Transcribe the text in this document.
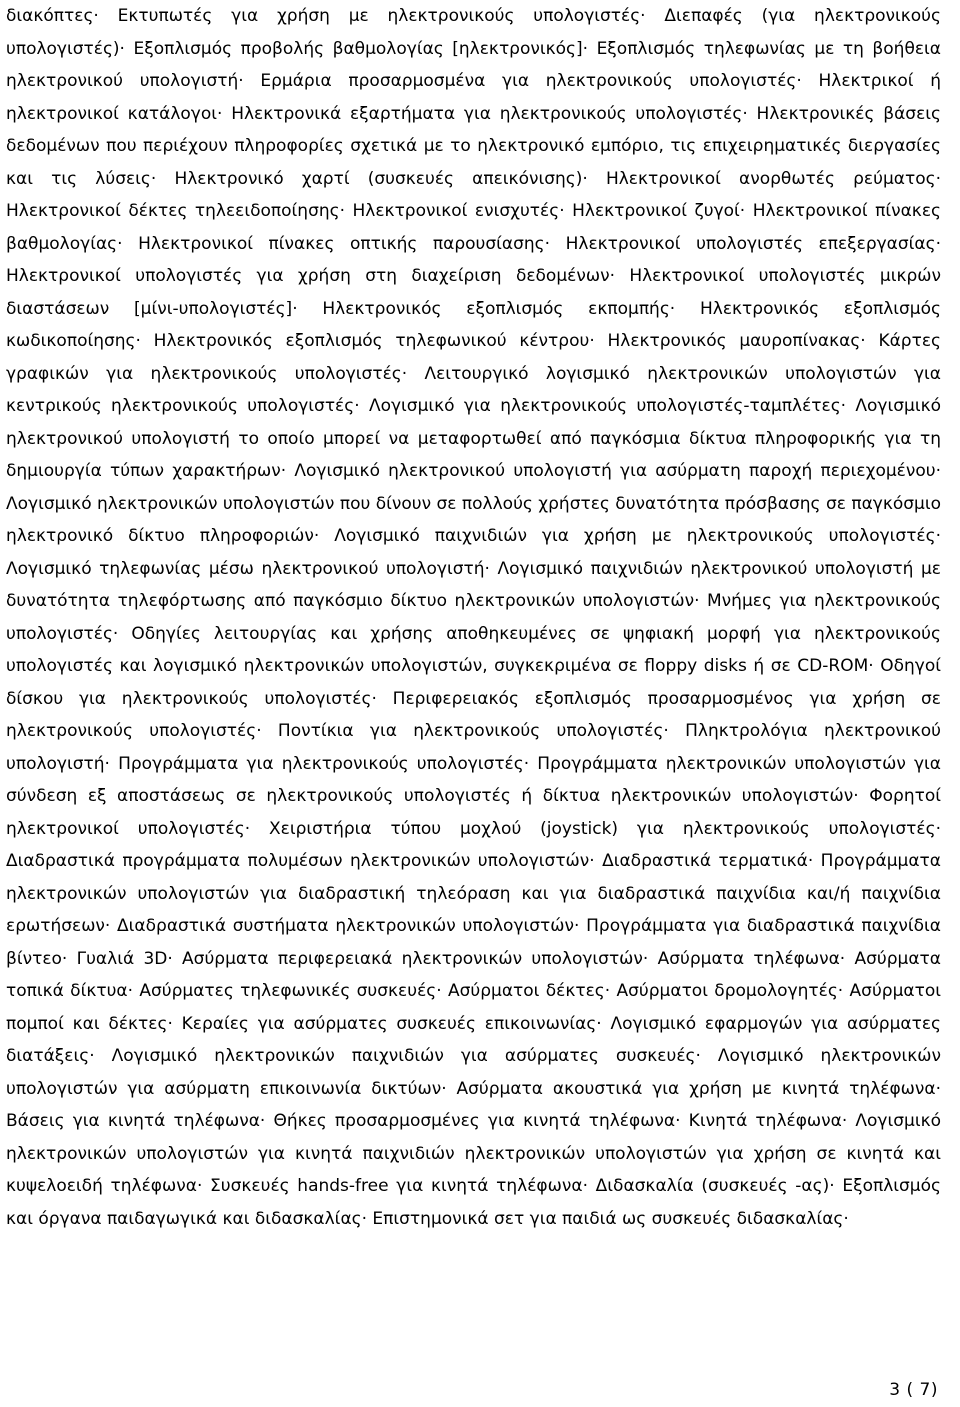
διακόπτες· Εκτυπωτές για χρήση με ηλεκτρονικούς υπολογιστές· Διεπαφές (για ηλεκτρονικούς υπολογιστές)· Εξοπλισμός προβολής βαθμολογίας [ηλεκτρονικός]· Εξοπλισμός τηλεφωνίας με τη βοήθεια ηλεκτρονικού υπολογιστή· Ερμάρια προσαρμοσμένα για ηλεκτρονικούς υπολογιστές· Ηλεκτρικοί ή ηλεκτρονικοί κατάλογοι· Ηλεκτρονικά εξαρτήματα για ηλεκτρονικούς υπολογιστές· Ηλεκτρονικές βάσεις δεδομένων που περιέχουν πληροφορίες σχετικά με το ηλεκτρονικό εμπόριο, τις επιχειρηματικές διεργασίες και τις λύσεις· Ηλεκτρονικό χαρτί (συσκευές απεικόνισης)· Ηλεκτρονικοί ανορθωτές ρεύματος· Ηλεκτρονικοί δέκτες τηλεειδοποίησης· Ηλεκτρονικοί ενισχυτές· Ηλεκτρονικοί ζυγοί· Ηλεκτρονικοί πίνακες βαθμολογίας· Ηλεκτρονικοί πίνακες οπτικής παρουσίασης· Ηλεκτρονικοί υπολογιστές επεξεργασίας· Ηλεκτρονικοί υπολογιστές για χρήση στη διαχείριση δεδομένων· Ηλεκτρονικοί υπολογιστές μικρών διαστάσεων [μίνι-υπολογιστές]· Ηλεκτρονικός εξοπλισμός εκπομπής· Ηλεκτρονικός εξοπλισμός κωδικοποίησης· Ηλεκτρονικός εξοπλισμός τηλεφωνικού κέντρου· Ηλεκτρονικός μαυροπίνακας· Κάρτες γραφικών για ηλεκτρονικούς υπολογιστές· Λειτουργικό λογισμικό ηλεκτρονικών υπολογιστών για κεντρικούς ηλεκτρονικούς υπολογιστές· Λογισμικό για ηλεκτρονικούς υπολογιστές-ταμπλέτες· Λογισμικό ηλεκτρονικού υπολογιστή το οποίο μπορεί να μεταφορτωθεί από παγκόσμια δίκτυα πληροφορικής για τη δημιουργία τύπων χαρακτήρων· Λογισμικό ηλεκτρονικού υπολογιστή για ασύρματη παροχή περιεχομένου· Λογισμικό ηλεκτρονικών υπολογιστών που δίνουν σε πολλούς χρήστες δυνατότητα πρόσβασης σε παγκόσμιο ηλεκτρονικό δίκτυο πληροφοριών· Λογισμικό παιχνιδιών για χρήση με ηλεκτρονικούς υπολογιστές· Λογισμικό τηλεφωνίας μέσω ηλεκτρονικού υπολογιστή· Λογισμικό παιχνιδιών ηλεκτρονικού υπολογιστή με δυνατότητα τηλεφόρτωσης από παγκόσμιο δίκτυο ηλεκτρονικών υπολογιστών· Μνήμες για ηλεκτρονικούς υπολογιστές· Οδηγίες λειτουργίας και χρήσης αποθηκευμένες σε ψηφιακή μορφή για ηλεκτρονικούς υπολογιστές και λογισμικό ηλεκτρονικών υπολογιστών, συγκεκριμένα σε floppy disks ή σε CD-ROM· Οδηγοί δίσκου για ηλεκτρονικούς υπολογιστές· Περιφερειακός εξοπλισμός προσαρμοσμένος για χρήση σε ηλεκτρονικούς υπολογιστές· Ποντίκια για ηλεκτρονικούς υπολογιστές· Πληκτρολόγια ηλεκτρονικού υπολογιστή· Προγράμματα για ηλεκτρονικούς υπολογιστές· Προγράμματα ηλεκτρονικών υπολογιστών για σύνδεση εξ αποστάσεως σε ηλεκτρονικούς υπολογιστές ή δίκτυα ηλεκτρονικών υπολογιστών· Φορητοί ηλεκτρονικοί υπολογιστές· Χειριστήρια τύπου μοχλού (joystick) για ηλεκτρονικούς υπολογιστές· Διαδραστικά προγράμματα πολυμέσων ηλεκτρονικών υπολογιστών· Διαδραστικά τερματικά· Προγράμματα ηλεκτρονικών υπολογιστών για διαδραστική τηλεόραση και για διαδραστικά παιχνίδια και/ή παιχνίδια ερωτήσεων· Διαδραστικά συστήματα ηλεκτρονικών υπολογιστών· Προγράμματα για διαδραστικά παιχνίδια βίντεο· Γυαλιά 3D· Ασύρματα περιφερειακά ηλεκτρονικών υπολογιστών· Ασύρματα τηλέφωνα· Ασύρματα τοπικά δίκτυα· Ασύρματες τηλεφωνικές συσκευές· Ασύρματοι δέκτες· Ασύρματοι δρομολογητές· Ασύρματοι πομποί και δέκτες· Κεραίες για ασύρματες συσκευές επικοινωνίας· Λογισμικό εφαρμογών για ασύρματες διατάξεις· Λογισμικό ηλεκτρονικών παιχνιδιών για ασύρματες συσκευές· Λογισμικό ηλεκτρονικών υπολογιστών για ασύρματη επικοινωνία δικτύων· Ασύρματα ακουστικά για χρήση με κινητά τηλέφωνα· Βάσεις για κινητά τηλέφωνα· Θήκες προσαρμοσμένες για κινητά τηλέφωνα· Κινητά τηλέφωνα· Λογισμικό ηλεκτρονικών υπολογιστών για κινητά παιχνιδιών ηλεκτρονικών υπολογιστών για χρήση σε κινητά και κυψελοειδή τηλέφωνα· Συσκευές hands-free για κινητά τηλέφωνα· Διδασκαλία (συσκευές -ας)· Εξοπλισμός και όργανα παιδαγωγικά και διδασκαλίας· Επιστημονικά σετ για παιδιά ως συσκευές διδασκαλίας·

3 ( 7)
